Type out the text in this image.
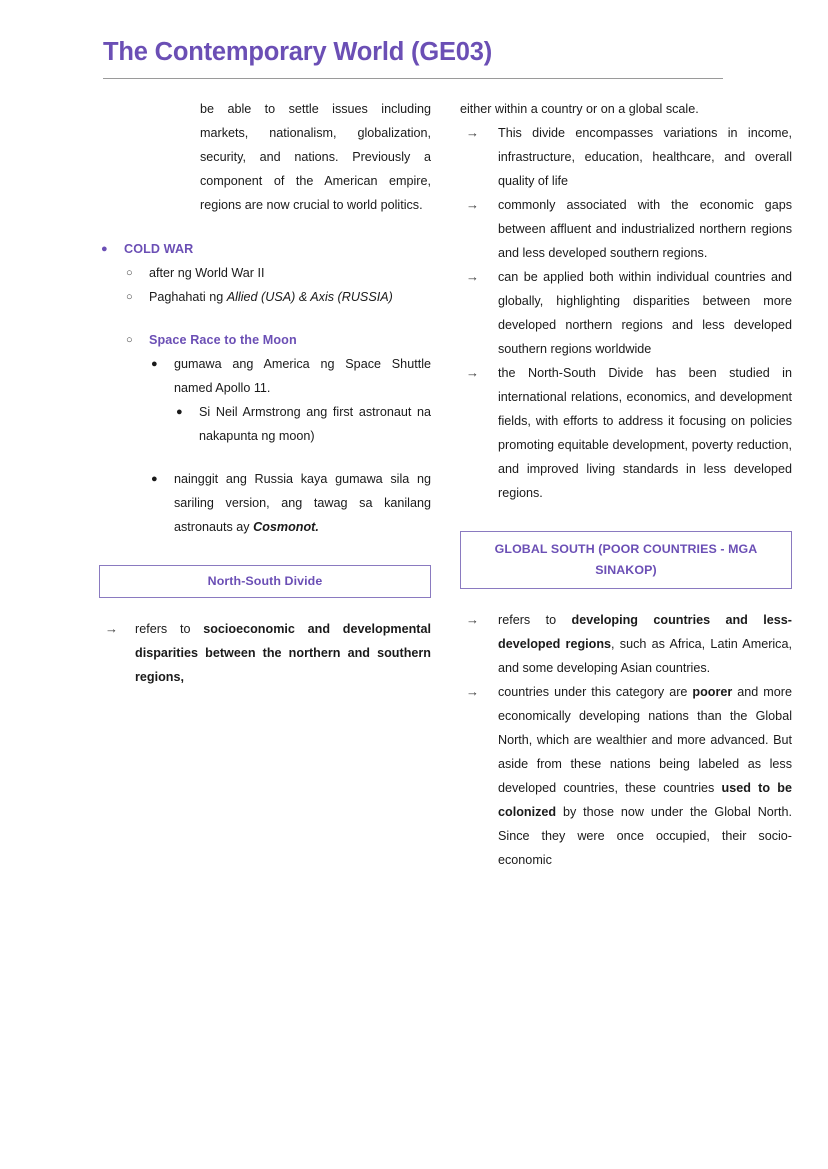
The Contemporary World (GE03)

be able to settle issues including markets, nationalism, globalization, security, and nations. Previously a component of the American empire, regions are now crucial to world politics.

● COLD WAR
○ after ng World War II
○ Paghahati ng Allied (USA) & Axis (RUSSIA)
○ Space Race to the Moon
● gumawa ang America ng Space Shuttle named Apollo 11.
● Si Neil Armstrong ang first astronaut na nakapunta ng moon)
● nainggit ang Russia kaya gumawa sila ng sariling version, ang tawag sa kanilang astronauts ay Cosmonot.
North-South Divide
→ refers to socioeconomic and developmental disparities between the northern and southern regions,

either within a country or on a global scale.

→ This divide encompasses variations in income, infrastructure, education, healthcare, and overall quality of life
→ commonly associated with the economic gaps between affluent and industrialized northern regions and less developed southern regions.
→ can be applied both within individual countries and globally, highlighting disparities between more developed northern regions and less developed southern regions worldwide
→ the North-South Divide has been studied in international relations, economics, and development fields, with efforts to address it focusing on policies promoting equitable development, poverty reduction, and improved living standards in less developed regions.
GLOBAL SOUTH (POOR COUNTRIES - MGA SINAKOP)
→ refers to developing countries and less-developed regions, such as Africa, Latin America, and some developing Asian countries.
→ countries under this category are poorer and more economically developing nations than the Global North, which are wealthier and more advanced. But aside from these nations being labeled as less developed countries, these countries used to be colonized by those now under the Global North. Since they were once occupied, their socio-economic
